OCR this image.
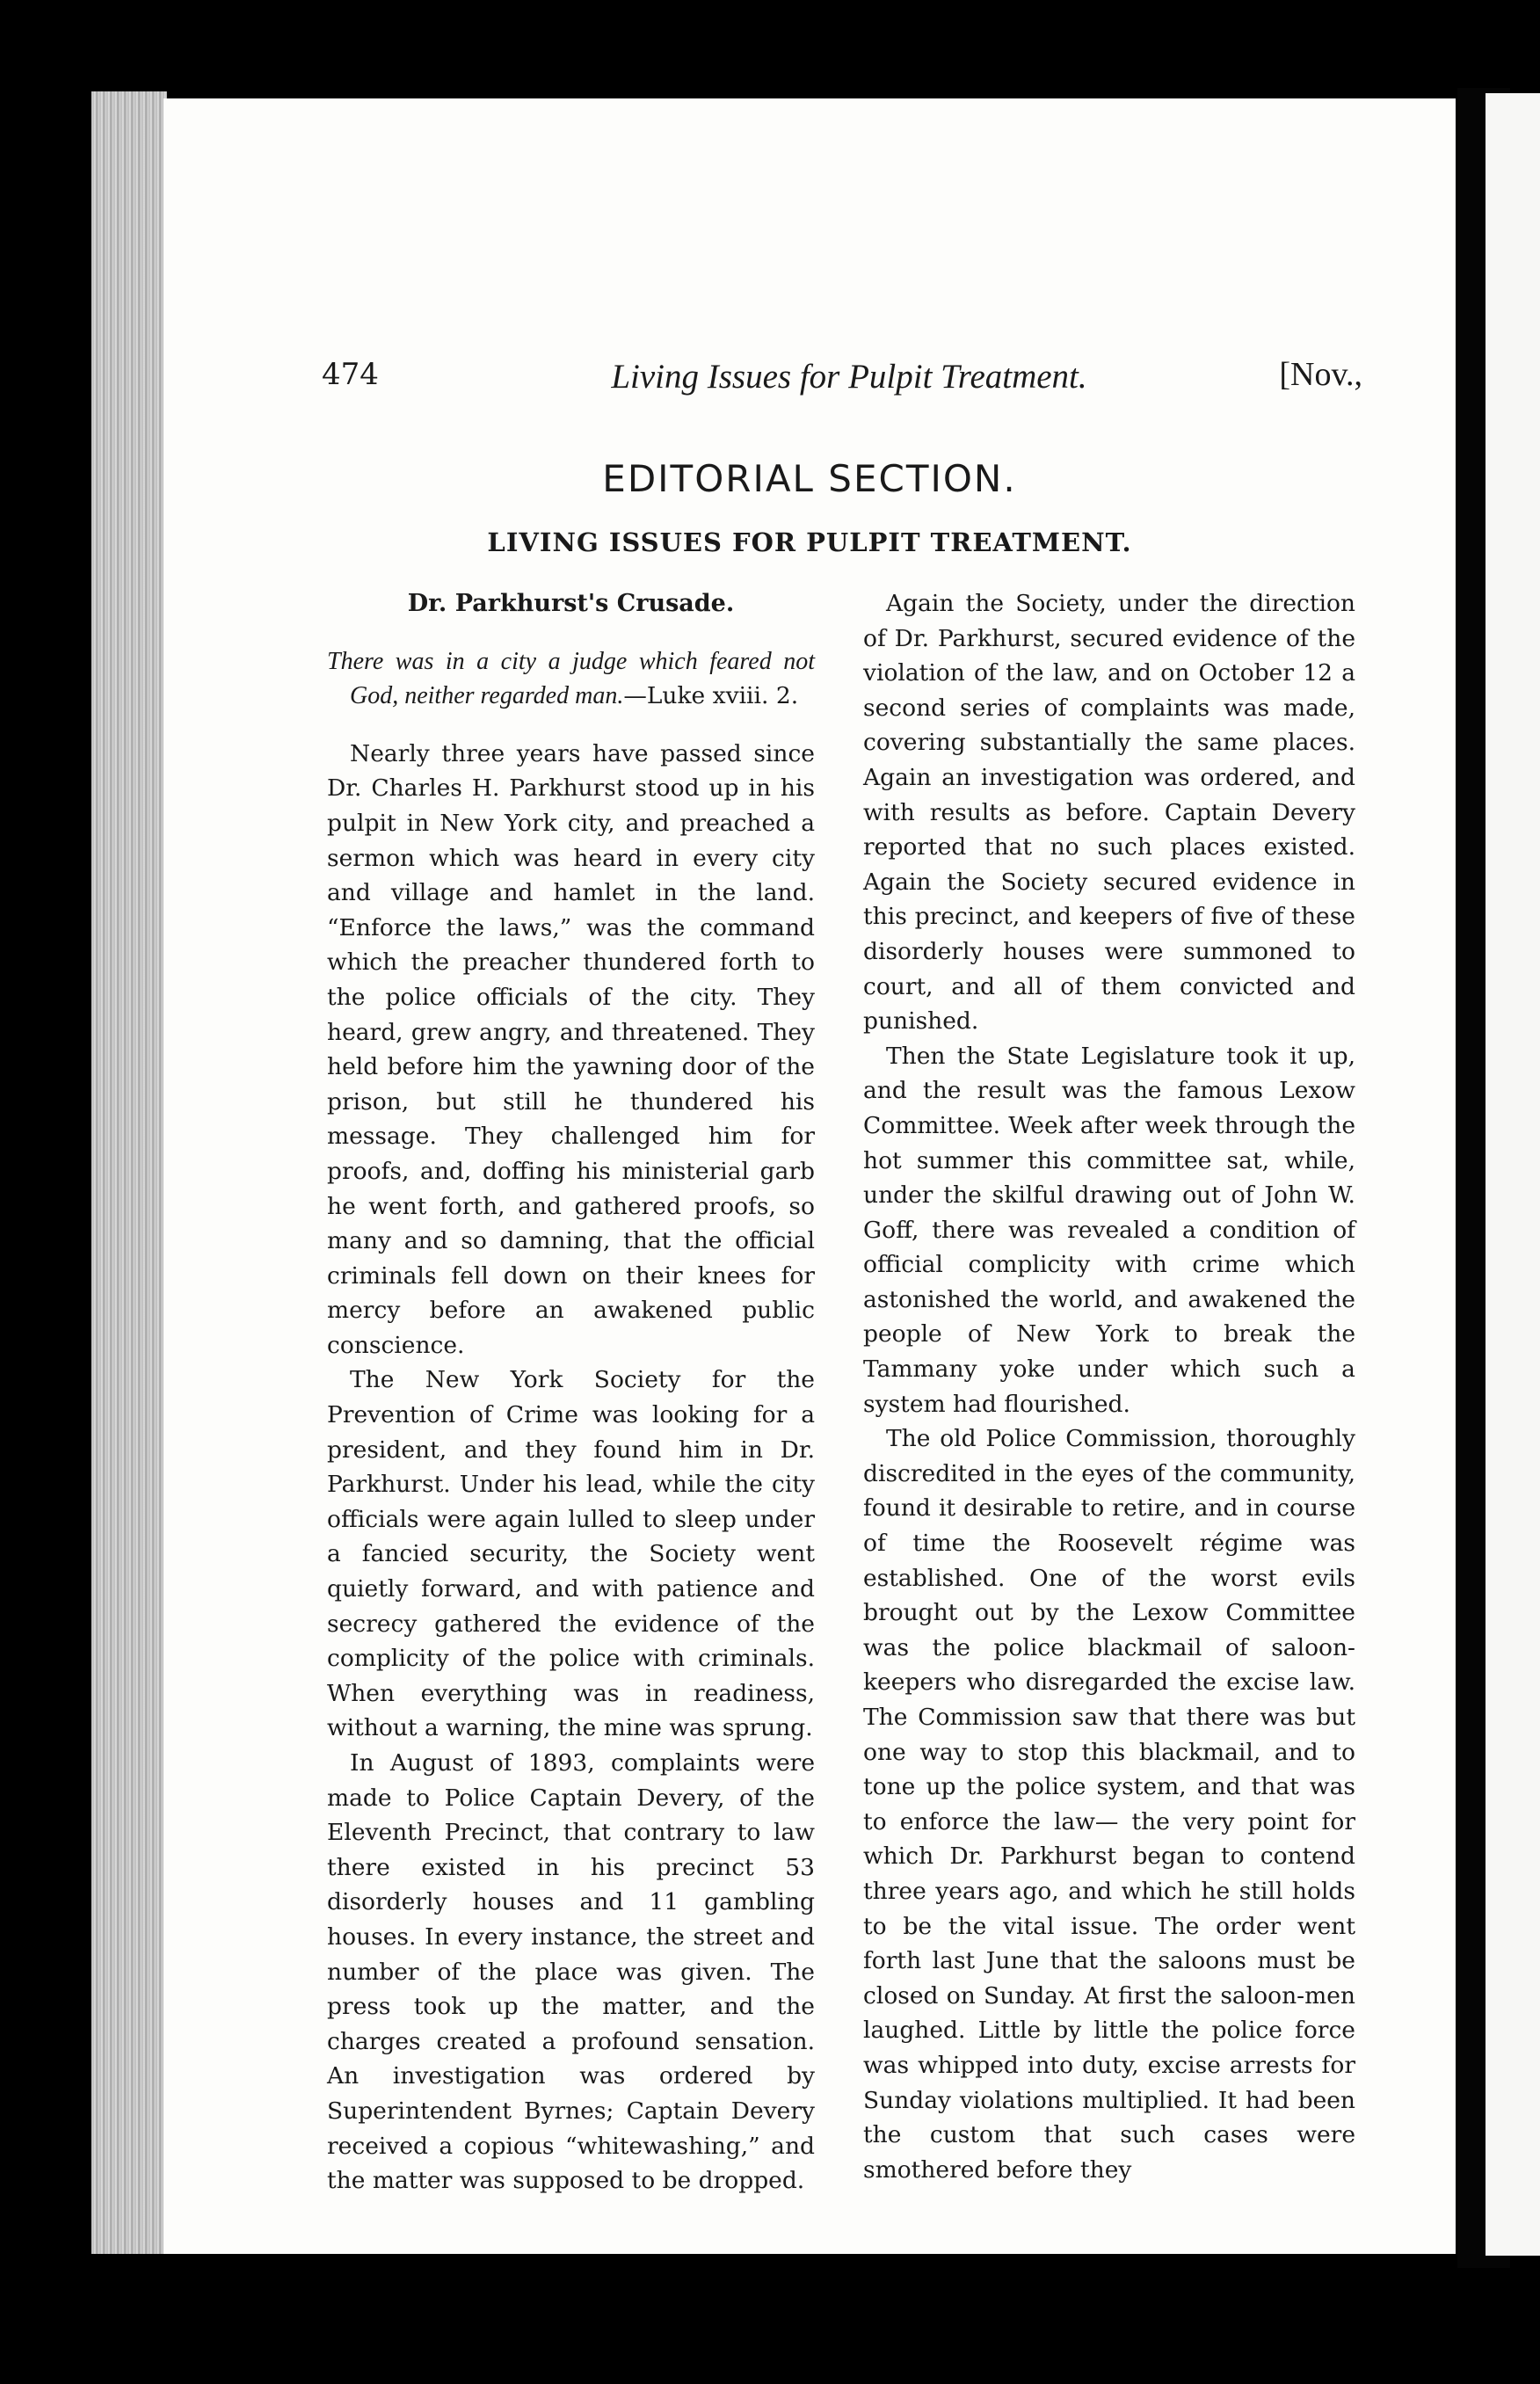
474	Living Issues for Pulpit Treatment.	[Nov.,
EDITORIAL SECTION.
LIVING ISSUES FOR PULPIT TREATMENT.
Dr. Parkhurst's Crusade.
There was in a city a judge which feared not God, neither regarded man.—Luke xviii. 2.

Nearly three years have passed since Dr. Charles H. Parkhurst stood up in his pulpit in New York city, and preached a sermon which was heard in every city and village and hamlet in the land. “Enforce the laws,” was the command which the preacher thundered forth to the police officials of the city. They heard, grew angry, and threatened. They held before him the yawning door of the prison, but still he thundered his message. They challenged him for proofs, and, doffing his ministerial garb he went forth, and gathered proofs, so many and so damning, that the official criminals fell down on their knees for mercy before an awakened public conscience.

The New York Society for the Prevention of Crime was looking for a president, and they found him in Dr. Parkhurst. Under his lead, while the city officials were again lulled to sleep under a fancied security, the Society went quietly forward, and with patience and secrecy gathered the evidence of the complicity of the police with criminals. When everything was in readiness, without a warning, the mine was sprung.

In August of 1893, complaints were made to Police Captain Devery, of the Eleventh Precinct, that contrary to law there existed in his precinct 53 disorderly houses and 11 gambling houses. In every instance, the street and number of the place was given. The press took up the matter, and the charges created a profound sensation. An investigation was ordered by Superintendent Byrnes; Captain Devery received a copious “whitewashing,” and the matter was supposed to be dropped.

Again the Society, under the direction of Dr. Parkhurst, secured evidence of the violation of the law, and on October 12 a second series of complaints was made, covering substantially the same places. Again an investigation was ordered, and with results as before. Captain Devery reported that no such places existed. Again the Society secured evidence in this precinct, and keepers of five of these disorderly houses were summoned to court, and all of them convicted and punished.

Then the State Legislature took it up, and the result was the famous Lexow Committee. Week after week through the hot summer this committee sat, while, under the skilful drawing out of John W. Goff, there was revealed a condition of official complicity with crime which astonished the world, and awakened the people of New York to break the Tammany yoke under which such a system had flourished.

The old Police Commission, thoroughly discredited in the eyes of the community, found it desirable to retire, and in course of time the Roosevelt régime was established. One of the worst evils brought out by the Lexow Committee was the police blackmail of saloon-keepers who disregarded the excise law. The Commission saw that there was but one way to stop this blackmail, and to tone up the police system, and that was to enforce the law— the very point for which Dr. Parkhurst began to contend three years ago, and which he still holds to be the vital issue. The order went forth last June that the saloons must be closed on Sunday. At first the saloon-men laughed. Little by little the police force was whipped into duty, excise arrests for Sunday violations multiplied. It had been the custom that such cases were smothered before they
